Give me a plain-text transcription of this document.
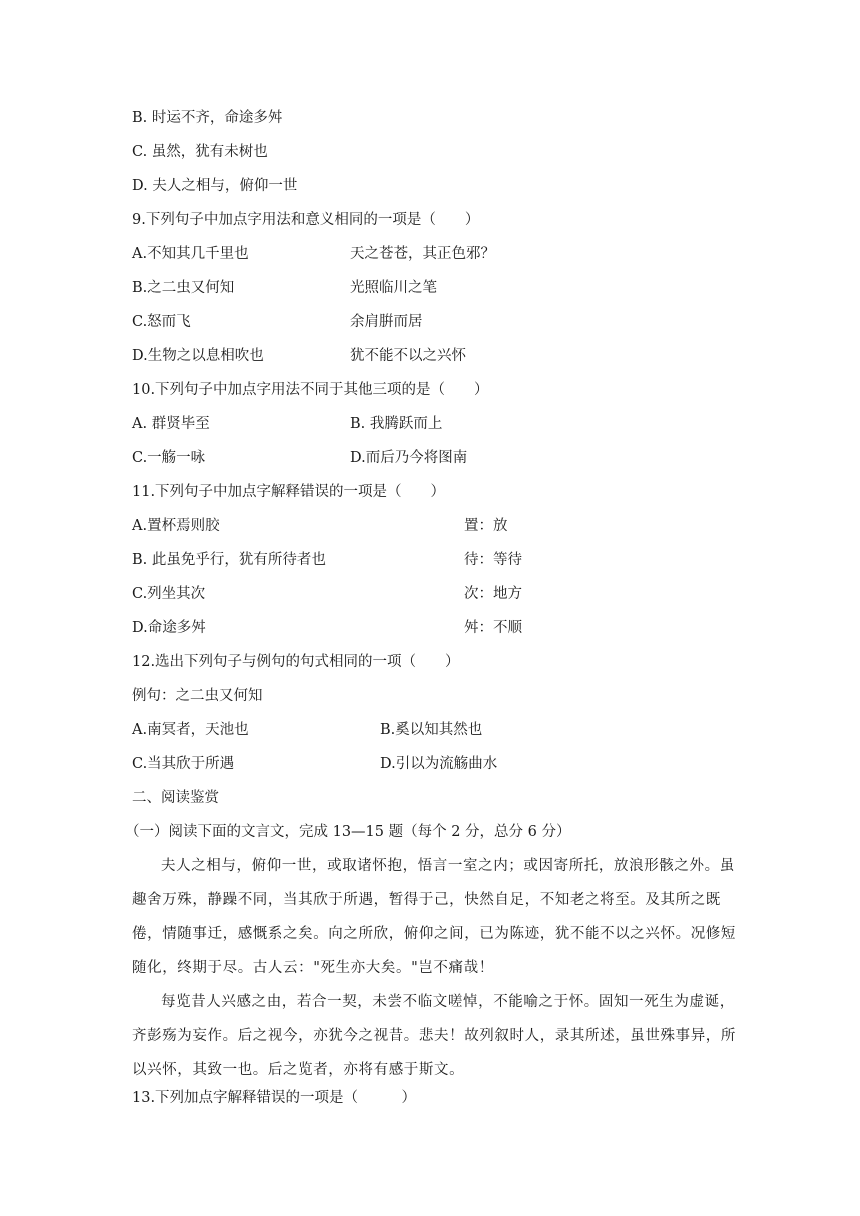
B. 时运不齐，命途多舛
C. 虽然，犹有未树也
D. 夫人之相与，俯仰一世
9.下列句子中加点字用法和意义相同的一项是（　　）
A.不知其几千里也	天之苍苍，其正色邪？
B.之二虫又何知	光照临川之笔
C.怒而飞	余肩腁而居
D.生物之以息相吹也	犹不能不以之兴怀
10.下列句子中加点字用法不同于其他三项的是（　　）
A. 群贤毕至	B. 我腾跃而上
C.一觞一咏	D.而后乃今将图南
11.下列句子中加点字解释错误的一项是（　　）
A.置杯焉则胶	置：放
B. 此虽免乎行，犹有所待者也	待：等待
C.列坐其次	次：地方
D.命途多舛	舛：不顺
12.选出下列句子与例句的句式相同的一项（　　）
例句：之二虫又何知
A.南冥者，天池也	B.奚以知其然也
C.当其欣于所遇	D.引以为流觞曲水
二、阅读鉴赏
（一）阅读下面的文言文，完成 13—15 题（每个 2 分，总分 6 分）
夫人之相与，俯仰一世，或取诸怀抱，悟言一室之内；或因寄所托，放浪形骸之外。虽趣舍万殊，静躁不同，当其欣于所遇，暂得于己，快然自足，不知老之将至。及其所之既倦，情随事迁，感慨系之矣。向之所欣，俯仰之间，已为陈迹，犹不能不以之兴怀。况修短随化，终期于尽。古人云："死生亦大矣。"岂不痛哉！
每览昔人兴感之由，若合一契，未尝不临文嗟悼，不能喻之于怀。固知一死生为虚诞，齐彭殇为妄作。后之视今，亦犹今之视昔。悲夫！故列叙时人，录其所述，虽世殊事异，所以兴怀，其致一也。后之览者，亦将有感于斯文。
13.下列加点字解释错误的一项是（　　　）
